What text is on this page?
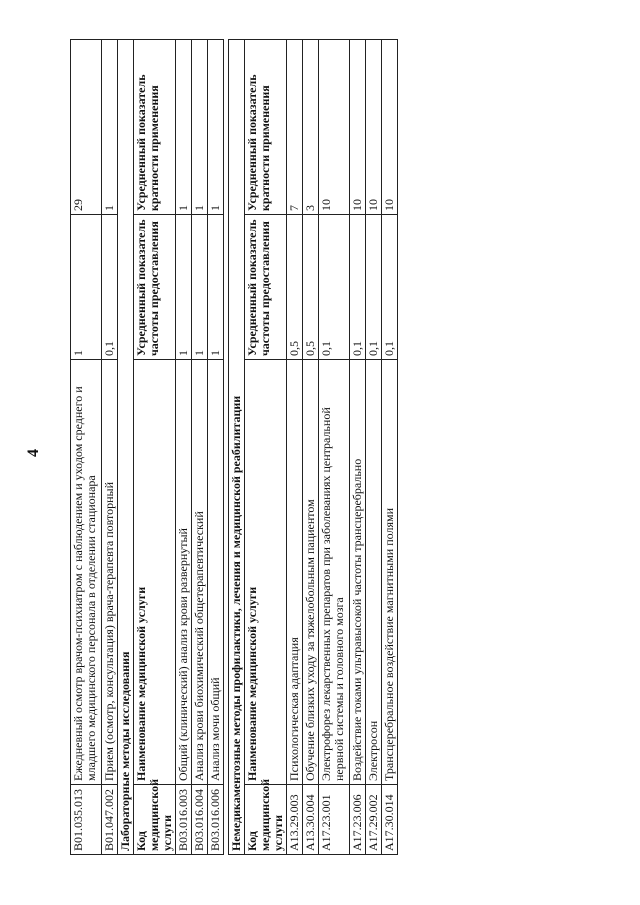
4
B01.035.013	Ежедневный осмотр врачом-психиатром с наблюдением и уходом среднего и младшего медицинского персонала в отделении стационара	1	29
B01.047.002	Прием (осмотр, консультация) врача-терапевта повторный	0,1	1
Лабораторные методы исследования			
Код медицинской услуги	Наименование медицинской услуги	Усредненный показатель частоты предоставления	Усредненный показатель кратности применения
B03.016.003	Общий (клинический) анализ крови развернутый	1	1
B03.016.004	Анализ крови биохимический общетерапевтический	1	1
B03.016.006	Анализ мочи общий	1	1

Немедикаментозные методы профилактики, лечения и медицинской реабилитации			
Код медицинской услуги	Наименование медицинской услуги	Усредненный показатель частоты предоставления	Усредненный показатель кратности применения
A13.29.003	Психологическая адаптация	0,5	7
A13.30.004	Обучение близких уходу за тяжелобольным пациентом	0,5	3
A17.23.001	Электрофорез лекарственных препаратов при заболеваниях центральной нервной системы и головного мозга	0,1	10
A17.23.006	Воздействие токами ультравысокой частоты трансцеребрально	0,1	10
A17.29.002	Электросон	0,1	10
A17.30.014	Трансцеребральное воздействие магнитными полями	0,1	10
